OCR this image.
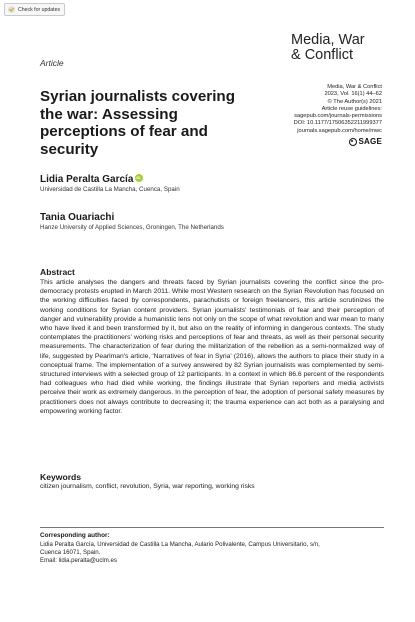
Check for updates
Media, War
& Conflict
Article
Media, War & Conflict
2023, Vol. 16(1) 44–62
© The Author(s) 2021
Article reuse guidelines:
sagepub.com/journals-permissions
DOI: 10.1177/17506352211999377
journals.sagepub.com/home/mwc
SAGE
Syrian journalists covering the war: Assessing perceptions of fear and security
Lidia Peralta GarcíaiD
Universidad de Castilla La Mancha, Cuenca, Spain
Tania Ouariachi
Hanze University of Applied Sciences, Groningen, The Netherlands
Abstract

This article analyses the dangers and threats faced by Syrian journalists covering the conflict since the pro-democracy protests erupted in March 2011. While most Western research on the Syrian Revolution has focused on the working difficulties faced by correspondents, parachutists or foreign freelancers, this article scrutinizes the working conditions for Syrian content providers. Syrian journalists' testimonials of fear and their perception of danger and vulnerability provide a humanistic lens not only on the scope of what revolution and war mean to many who have lived it and been transformed by it, but also on the reality of informing in dangerous contexts. The study contemplates the practitioners' working risks and perceptions of fear and threats, as well as their personal security measurements. The characterization of fear during the militarization of the rebellion as a semi-normalized way of life, suggested by Pearlman's article, 'Narratives of fear in Syria' (2016), allows the authors to place their study in a conceptual frame. The implementation of a survey answered by 82 Syrian journalists was complemented by semi-structured interviews with a selected group of 12 participants. In a context in which 86.6 percent of the respondents had colleagues who had died while working, the findings illustrate that Syrian reporters and media activists perceive their work as extremely dangerous. In the perception of fear, the adoption of personal safety measures by practitioners does not always contribute to decreasing it; the trauma experience can act both as a paralysing and empowering working factor.

Keywords

citizen journalism, conflict, revolution, Syria, war reporting, working risks

Corresponding author:
Lidia Peralta García, Universidad de Castilla La Mancha, Aulario Polivalente, Campus Universitario, s/n,
Cuenca 16071, Spain.
Email: lidia.peralta@uclm.es
